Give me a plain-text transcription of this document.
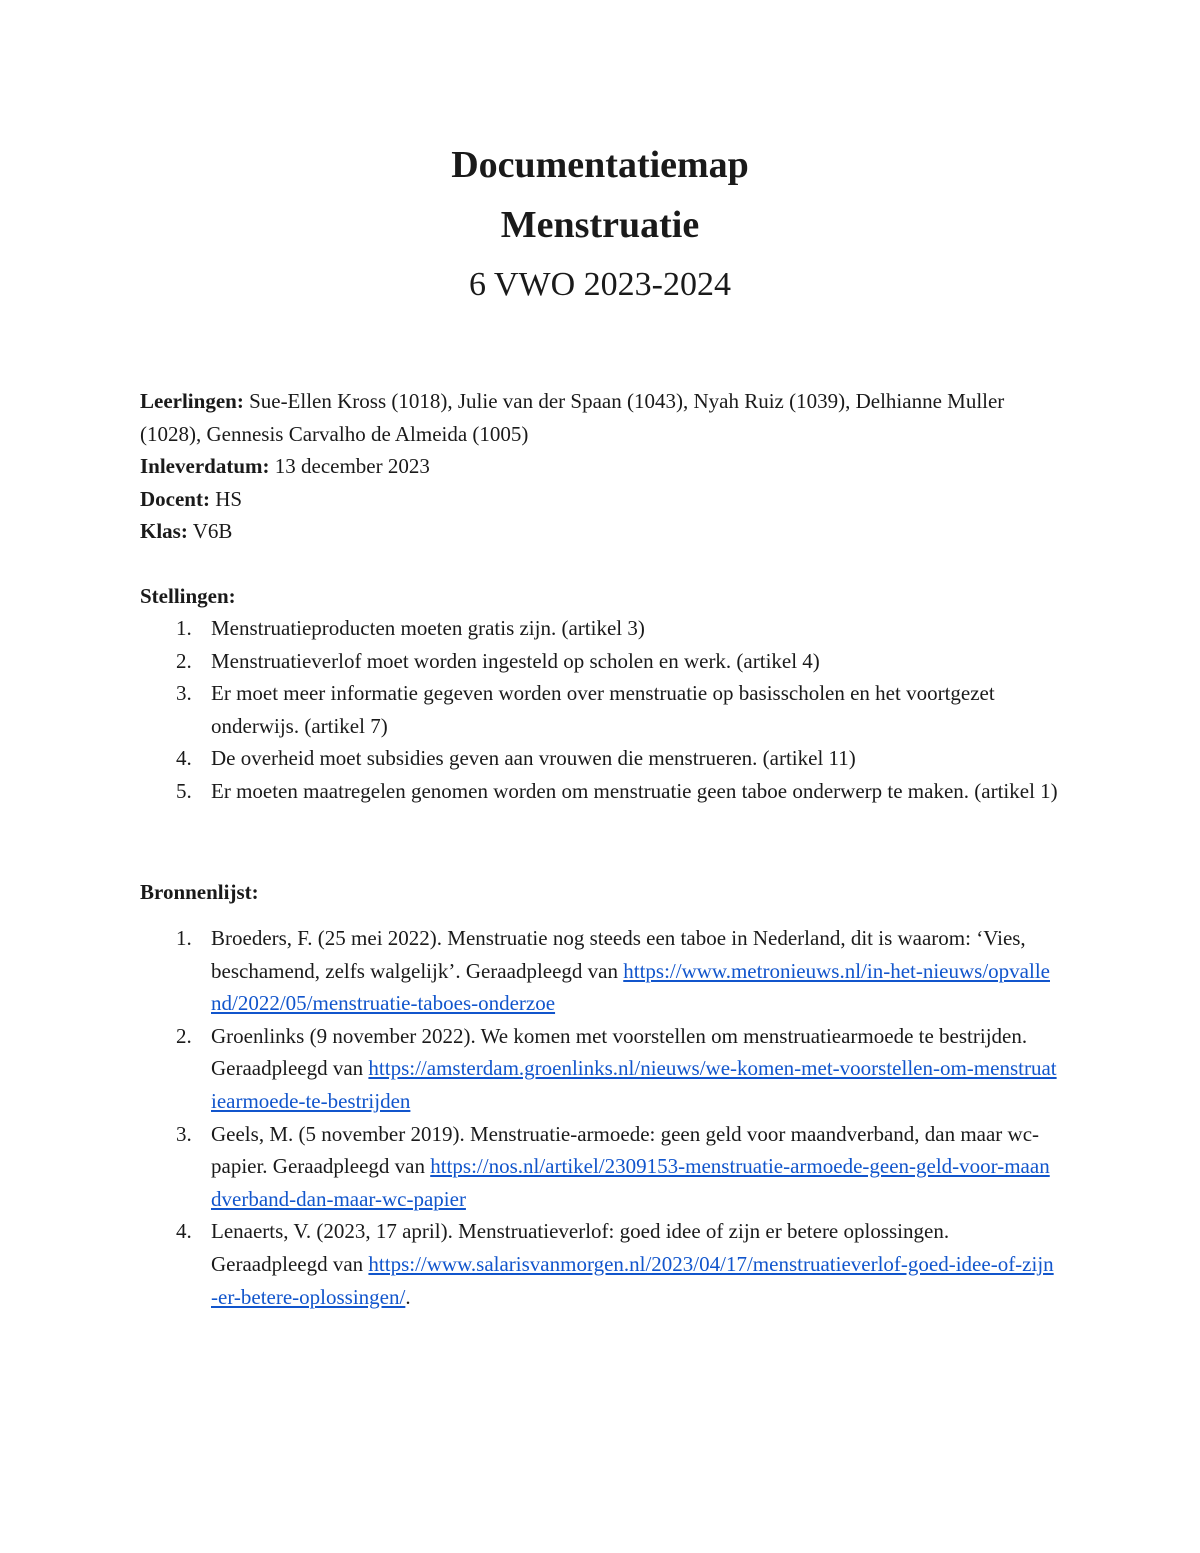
Documentatiemap
Menstruatie
6 VWO 2023-2024

Leerlingen: Sue-Ellen Kross (1018), Julie van der Spaan (1043), Nyah Ruiz (1039), Delhianne Muller (1028), Gennesis Carvalho de Almeida (1005)

Inleverdatum: 13 december 2023

Docent: HS

Klas: V6B

Stellingen:
1. Menstruatieproducten moeten gratis zijn. (artikel 3)
2. Menstruatieverlof moet worden ingesteld op scholen en werk. (artikel 4)
3. Er moet meer informatie gegeven worden over menstruatie op basisscholen en het voortgezet onderwijs. (artikel 7)
4. De overheid moet subsidies geven aan vrouwen die menstrueren. (artikel 11)
5. Er moeten maatregelen genomen worden om menstruatie geen taboe onderwerp te maken. (artikel 1)
Bronnenlijst:
1. Broeders, F. (25 mei 2022). Menstruatie nog steeds een taboe in Nederland, dit is waarom: ‘Vies, beschamend, zelfs walgelijk’. Geraadpleegd van https://www.metronieuws.nl/in-het-nieuws/opvallend/2022/05/menstruatie-taboes-onderzoe
2. Groenlinks (9 november 2022). We komen met voorstellen om menstruatiearmoede te bestrijden. Geraadpleegd van https://amsterdam.groenlinks.nl/nieuws/we-komen-met-voorstellen-om-menstruatiearmoede-te-bestrijden
3. Geels, M. (5 november 2019). Menstruatie-armoede: geen geld voor maandverband, dan maar wc-papier. Geraadpleegd van https://nos.nl/artikel/2309153-menstruatie-armoede-geen-geld-voor-maandverband-dan-maar-wc-papier
4. Lenaerts, V. (2023, 17 april). Menstruatieverlof: goed idee of zijn er betere oplossingen. Geraadpleegd van https://www.salarisvanmorgen.nl/2023/04/17/menstruatieverlof-goed-idee-of-zijn-er-betere-oplossingen/.
